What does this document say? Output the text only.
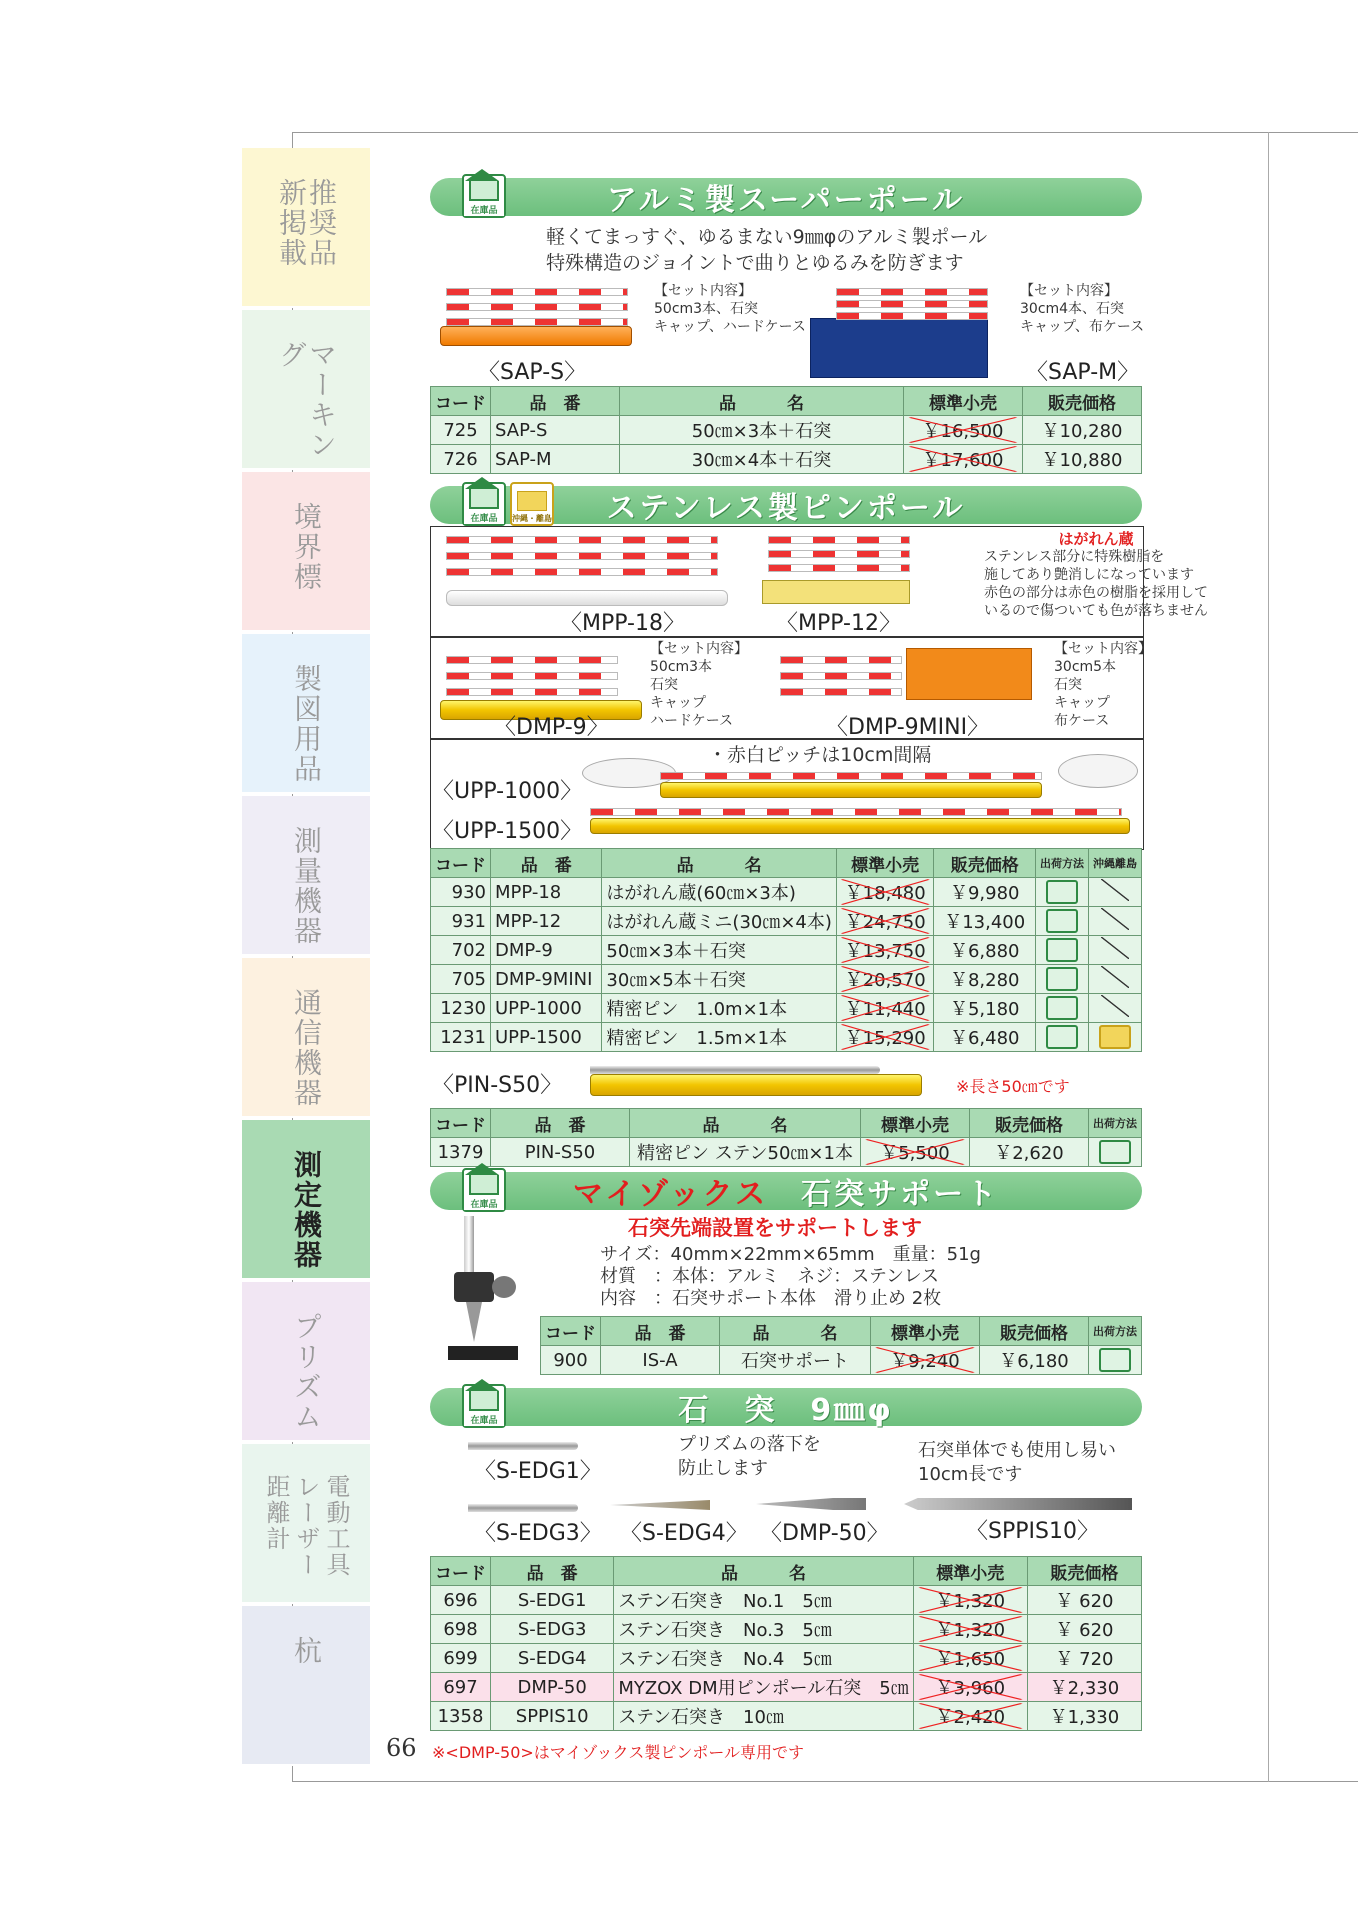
推奨品 新掲載
マーキング
境界標
製図用品
測量機器
通信機器
測定機器
プリズム
電動工具 レーザー距離計
杭
アルミ製スーパーポール
在庫品
軽くてまっすぐ、ゆるまない9㎜φのアルミ製ポール
特殊構造のジョイントで曲りとゆるみを防ぎます
【セット内容】
50cm3本、石突
キャップ、ハードケース
〈SAP-S〉
【セット内容】
30cm4本、石突
キャップ、布ケース
〈SAP-M〉
コード	品　番	品　　　名	標準小売	販売価格
725	SAP-S	50㎝×3本＋石突	￥16,500	￥10,280
726	SAP-M	30㎝×4本＋石突	￥17,600	￥10,880
ステンレス製ピンポール
在庫品	沖縄・離島
〈MPP-18〉	〈MPP-12〉
はがれん蔵
ステンレス部分に特殊樹脂を
施してあり艶消しになっています
赤色の部分は赤色の樹脂を採用して
いるので傷ついても色が落ちません
【セット内容】
50cm3本
石突
キャップ
ハードケース
〈DMP-9〉
【セット内容】
30cm5本
石突
キャップ
布ケース
〈DMP-9MINI〉
・赤白ピッチは10cm間隔
〈UPP-1000〉
〈UPP-1500〉
コード	品　番	品　　　名	標準小売	販売価格	出荷方法	沖縄離島
930	MPP-18	はがれん蔵(60㎝×3本)	￥18,480	￥9,980		
931	MPP-12	はがれん蔵ミニ(30㎝×4本)	￥24,750	￥13,400		
702	DMP-9	50㎝×3本＋石突	￥13,750	￥6,880		
705	DMP-9MINI	30㎝×5本＋石突	￥20,570	￥8,280		
1230	UPP-1000	精密ピン　1.0m×1本	￥11,440	￥5,180		
1231	UPP-1500	精密ピン　1.5m×1本	￥15,290	￥6,480		
〈PIN-S50〉	※長さ50㎝です
コード	品　番	品　　　名	標準小売	販売価格	出荷方法
1379	PIN-S50	精密ピン ステン50㎝×1本	￥5,500	￥2,620	
マイゾックス　 石突サポート
在庫品
石突先端設置をサポートします
サイズ：40mm×22mm×65mm　重量：51g
材質　：本体：アルミ　ネジ：ステンレス
内容　：石突サポート本体　滑り止め 2枚
コード	品　番	品　　　名	標準小売	販売価格	出荷方法
900	IS-A	石突サポート	￥9,240	￥6,180	
石　突　9㎜φ
在庫品
プリズムの落下を
防止します
石突単体でも使用し易い
10cm長です
〈S-EDG1〉
〈S-EDG3〉 〈S-EDG4〉 〈DMP-50〉	〈SPPIS10〉
コード	品　番	品　　　名	標準小売	販売価格
696	S-EDG1	ステン石突き　No.1　5㎝	￥1,320	￥ 620
698	S-EDG3	ステン石突き　No.3　5㎝	￥1,320	￥ 620
699	S-EDG4	ステン石突き　No.4　5㎝	￥1,650	￥ 720
697	DMP-50	MYZOX DM用ピンポール石突　5㎝	￥3,960	￥2,330
1358	SPPIS10	ステン石突き　10㎝	￥2,420	￥1,330
※<DMP-50>はマイゾックス製ピンポール専用です
66
